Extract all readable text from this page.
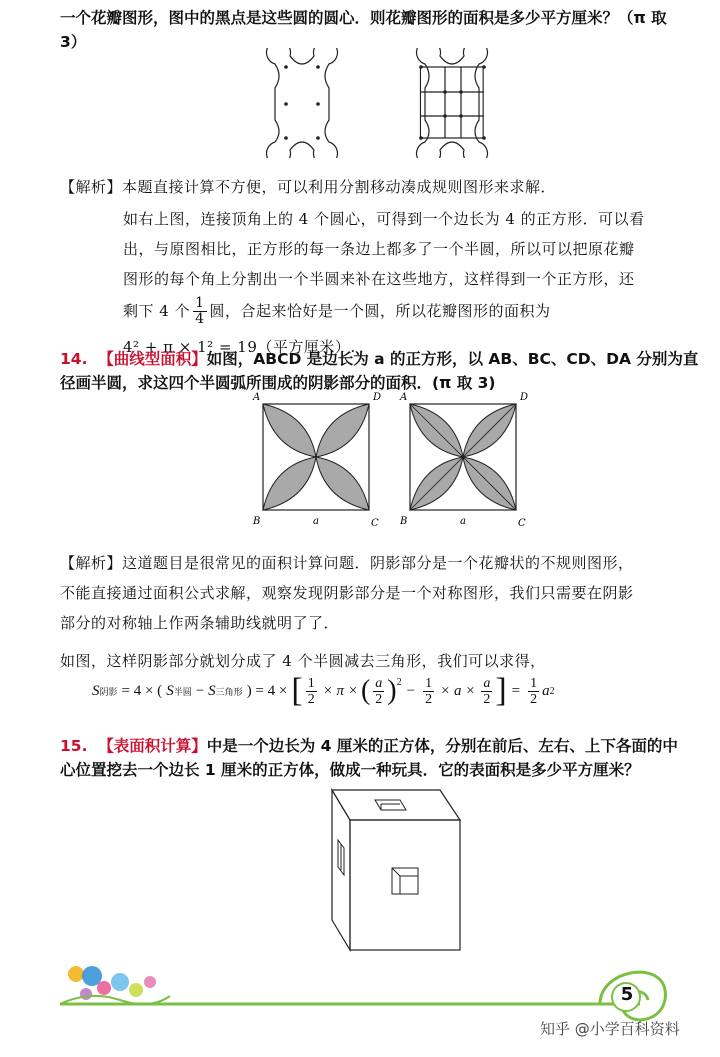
一个花瓣图形，图中的黑点是这些圆的圆心．则花瓣图形的面积是多少平方厘米？（π 取
3）
【解析】本题直接计算不方便，可以利用分割移动凑成规则图形来求解．
如右上图，连接顶角上的 4 个圆心，可得到一个边长为 4 的正方形．可以看
出，与原图相比，正方形的每一条边上都多了一个半圆，所以可以把原花瓣
图形的每个角上分割出一个半圆来补在这些地方，这样得到一个正方形，还
剩下 4 个 $\frac{1}{4}$ 圆，合起来恰好是一个圆，所以花瓣图形的面积为
4² + π × 1² = 19（平方厘米）.
14. 【曲线型面积】如图，ABCD 是边长为 a 的正方形，以 AB、BC、CD、DA 分别为直
径画半圆，求这四个半圆弧所围成的阴影部分的面积．(π 取 3)
A	D
B	C
a
A	D
B	C
a
【解析】这道题目是很常见的面积计算问题．阴影部分是一个花瓣状的不规则图形，
不能直接通过面积公式求解，观察发现阴影部分是一个对称图形，我们只需要在阴影
部分的对称轴上作两条辅助线就明了了．
如图，这样阴影部分就划分成了 4 个半圆减去三角形，我们可以求得，
S 阴影 = 4 × ( S 半圆 − S 三角形 ) = 4 × [ $\frac{1}{2} \times \pi$ × ( $\frac{a}{2} )^2$
− $\frac{1}{2} \times a \times \frac{a}{2}$ ] = $\frac{1}{2}$ a 2
15. 【表面积计算】中是一个边长为 4 厘米的正方体，分别在前后、左右、上下各面的中
心位置挖去一个边长 1 厘米的正方体，做成一种玩具．它的表面积是多少平方厘米？
5
知乎 @小学百科资料
